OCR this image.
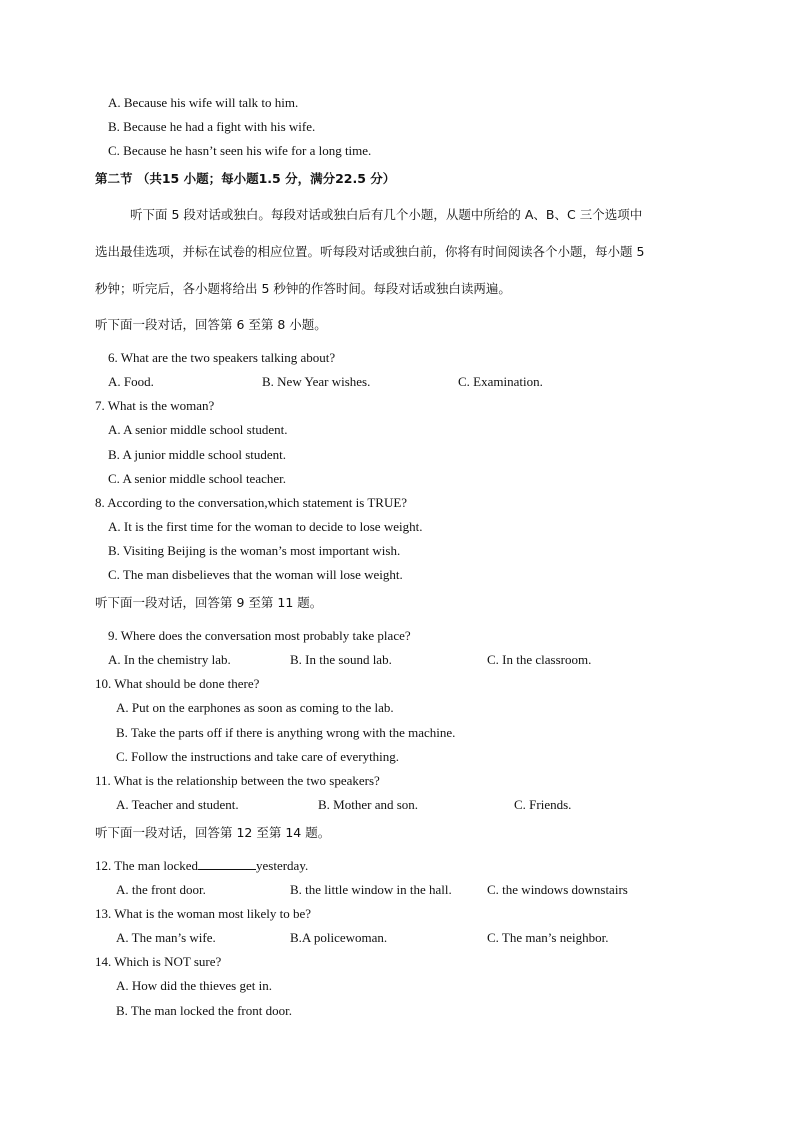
A. Because his wife will talk to him.
B. Because he had a fight with his wife.
C. Because he hasn’t seen his wife for a long time.
第二节 （共15 小题；每小题1.5 分，满分22.5 分）
听下面 5 段对话或独白。每段对话或独白后有几个小题，从题中所给的 A、B、C 三个选项中
选出最佳选项，并标在试卷的相应位置。听每段对话或独白前，你将有时间阅读各个小题，每小题 5
秒钟；听完后，各小题将给出 5 秒钟的作答时间。每段对话或独白读两遍。
听下面一段对话，回答第 6 至第 8 小题。
6. What are the two speakers talking about?
A. Food.	B. New Year wishes.	C. Examination.
7. What is the woman?
A. A senior middle school student.
B. A junior middle school student.
C. A senior middle school teacher.
8. According to the conversation,which statement is TRUE?
A. It is the first time for the woman to decide to lose weight.
B. Visiting Beijing is the woman’s most important wish.
C. The man disbelieves that the woman will lose weight.
听下面一段对话，回答第 9 至第 11 题。
9. Where does the conversation most probably take place?
A. In the chemistry lab.	B. In the sound lab.	C. In the classroom.
10. What should be done there?
A. Put on the earphones as soon as coming to the lab.
B. Take the parts off if there is anything wrong with the machine.
C. Follow the instructions and take care of everything.
11. What is the relationship between the two speakers?
A. Teacher and student.	B. Mother and son.	C. Friends.
听下面一段对话，回答第 12 至第 14 题。
12. The man locked	yesterday.
A. the front door.	B. the little window in the hall.	C. the windows downstairs
13. What is the woman most likely to be?
A. The man’s wife.	B.A policewoman.	C. The man’s neighbor.
14. Which is NOT sure?
A. How did the thieves get in.
B. The man locked the front door.
